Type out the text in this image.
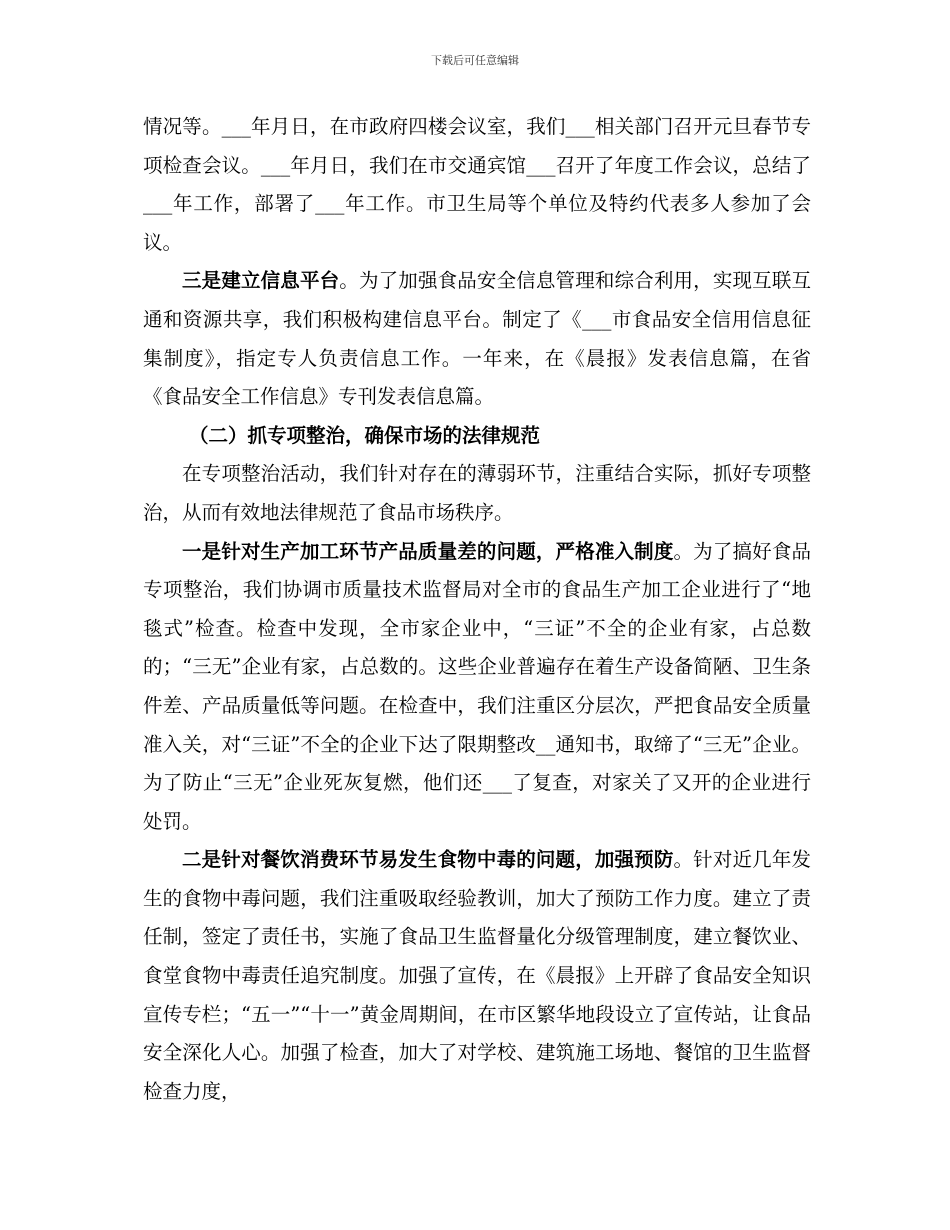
下载后可任意编辑

情况等。___年月日，在市政府四楼会议室，我们___相关部门召开元旦春节专项检查会议。___年月日，我们在市交通宾馆___召开了年度工作会议，总结了___年工作，部署了___年工作。市卫生局等个单位及特约代表多人参加了会议。

三是建立信息平台。为了加强食品安全信息管理和综合利用，实现互联互通和资源共享，我们积极构建信息平台。制定了《___市食品安全信用信息征集制度》，指定专人负责信息工作。一年来，在《晨报》发表信息篇，在省《食品安全工作信息》专刊发表信息篇。

（二）抓专项整治，确保市场的法律规范

在专项整治活动，我们针对存在的薄弱环节，注重结合实际，抓好专项整治，从而有效地法律规范了食品市场秩序。

一是针对生产加工环节产品质量差的问题，严格准入制度。为了搞好食品专项整治，我们协调市质量技术监督局对全市的食品生产加工企业进行了“地毯式”检查。检查中发现，全市家企业中，“三证”不全的企业有家，占总数的；“三无”企业有家，占总数的。这些企业普遍存在着生产设备简陋、卫生条件差、产品质量低等问题。在检查中，我们注重区分层次，严把食品安全质量准入关，对“三证”不全的企业下达了限期整改__通知书，取缔了“三无”企业。为了防止“三无”企业死灰复燃，他们还___了复查，对家关了又开的企业进行处罚。

二是针对餐饮消费环节易发生食物中毒的问题，加强预防。针对近几年发生的食物中毒问题，我们注重吸取经验教训，加大了预防工作力度。建立了责任制，签定了责任书，实施了食品卫生监督量化分级管理制度，建立餐饮业、食堂食物中毒责任追究制度。加强了宣传，在《晨报》上开辟了食品安全知识宣传专栏；“五一”“十一”黄金周期间，在市区繁华地段设立了宣传站，让食品安全深化人心。加强了检查，加大了对学校、建筑施工场地、餐馆的卫生监督检查力度，
